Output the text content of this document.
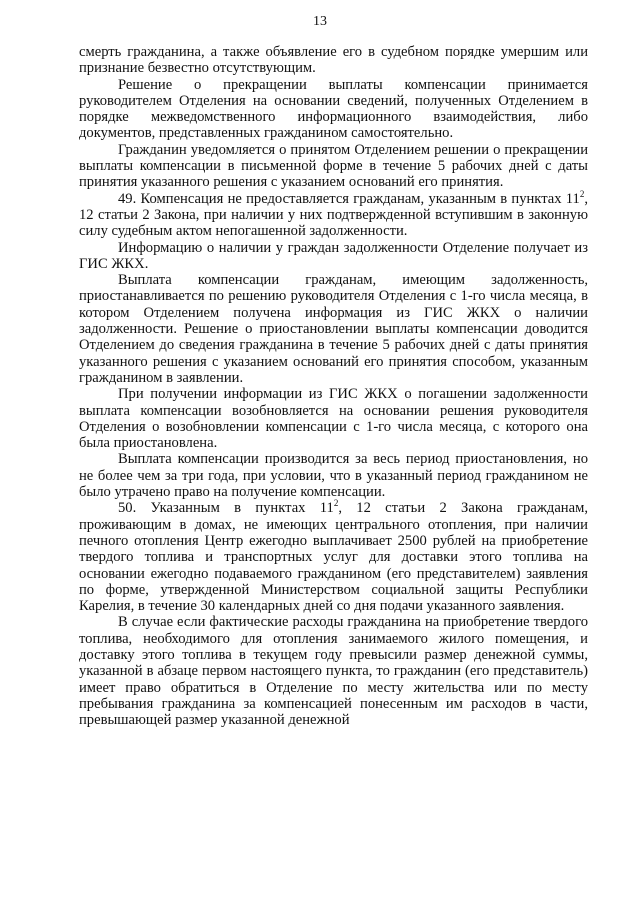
13

смерть гражданина, а также объявление его в судебном порядке умершим или признание безвестно отсутствующим.

Решение о прекращении выплаты компенсации принимается руководителем Отделения на основании сведений, полученных Отделением в порядке межведомственного информационного взаимодействия, либо документов, представленных гражданином самостоятельно.

Гражданин уведомляется о принятом Отделением решении о прекращении выплаты компенсации в письменной форме в течение 5 рабочих дней с даты принятия указанного решения с указанием оснований его принятия.

49. Компенсация не предоставляется гражданам, указанным в пунктах $11^2$, 12 статьи 2 Закона, при наличии у них подтвержденной вступившим в законную силу судебным актом непогашенной задолженности.

Информацию о наличии у граждан задолженности Отделение получает из ГИС ЖКХ.

Выплата компенсации гражданам, имеющим задолженность, приостанавливается по решению руководителя Отделения с 1-го числа месяца, в котором Отделением получена информация из ГИС ЖКХ о наличии задолженности. Решение о приостановлении выплаты компенсации доводится Отделением до сведения гражданина в течение 5 рабочих дней с даты принятия указанного решения с указанием оснований его принятия способом, указанным гражданином в заявлении.

При получении информации из ГИС ЖКХ о погашении задолженности выплата компенсации возобновляется на основании решения руководителя Отделения о возобновлении компенсации с 1-го числа месяца, с которого она была приостановлена.

Выплата компенсации производится за весь период приостановления, но не более чем за три года, при условии, что в указанный период гражданином не было утрачено право на получение компенсации.

50. Указанным в пунктах $11^2$, 12 статьи 2 Закона гражданам, проживающим в домах, не имеющих центрального отопления, при наличии печного отопления Центр ежегодно выплачивает 2500 рублей на приобретение твердого топлива и транспортных услуг для доставки этого топлива на основании ежегодно подаваемого гражданином (его представителем) заявления по форме, утвержденной Министерством социальной защиты Республики Карелия, в течение 30 календарных дней со дня подачи указанного заявления.

В случае если фактические расходы гражданина на приобретение твердого топлива, необходимого для отопления занимаемого жилого помещения, и доставку этого топлива в текущем году превысили размер денежной суммы, указанной в абзаце первом настоящего пункта, то гражданин (его представитель) имеет право обратиться в Отделение по месту жительства или по месту пребывания гражданина за компенсацией понесенным им расходов в части, превышающей размер указанной денежной
